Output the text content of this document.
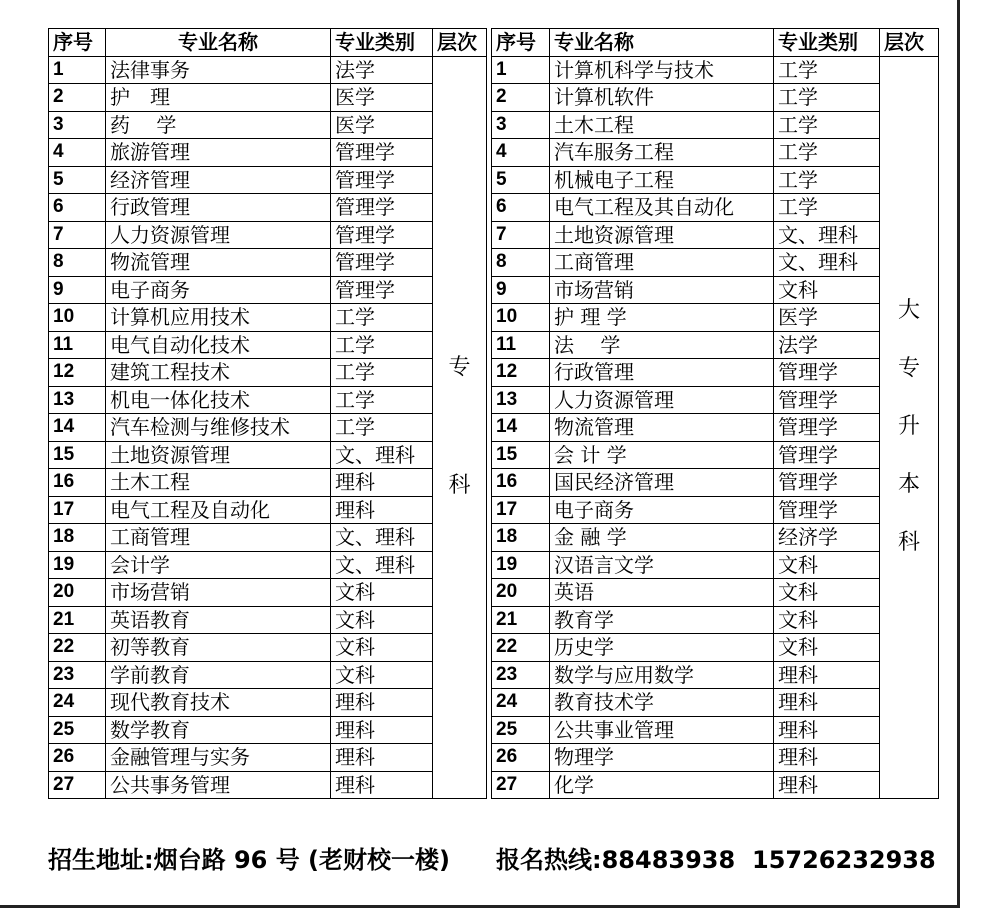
序号	专业名称	专业类别	层次
1	法律事务	法学	专
科

2	护　理	医学	
3	药　 学	医学	
4	旅游管理	管理学	
5	经济管理	管理学	
6	行政管理	管理学	
7	人力资源管理	管理学	
8	物流管理	管理学	
9	电子商务	管理学	
10	计算机应用技术	工学	
11	电气自动化技术	工学	
12	建筑工程技术	工学	
13	机电一体化技术	工学	
14	汽车检测与维修技术	工学	
15	土地资源管理	文、理科	
16	土木工程	理科	
17	电气工程及自动化	理科	
18	工商管理	文、理科	
19	会计学	文、理科	
20	市场营销	文科	
21	英语教育	文科	
22	初等教育	文科	
23	学前教育	文科	
24	现代教育技术	理科	
25	数学教育	理科	
26	金融管理与实务	理科	
27	公共事务管理	理科	
序号	专业名称	专业类别	层次
1	计算机科学与技术	工学	大
专
升
本
科

2	计算机软件	工学	
3	土木工程	工学	
4	汽车服务工程	工学	
5	机械电子工程	工学	
6	电气工程及其自动化	工学	
7	土地资源管理	文、理科	
8	工商管理	文、理科	
9	市场营销	文科	
10	护 理 学	医学	
11	法　 学	法学	
12	行政管理	管理学	
13	人力资源管理	管理学	
14	物流管理	管理学	
15	会 计 学	管理学	
16	国民经济管理	管理学	
17	电子商务	管理学	
18	金 融 学	经济学	
19	汉语言文学	文科	
20	英语	文科	
21	教育学	文科	
22	历史学	文科	
23	数学与应用数学	理科	
24	教育技术学	理科	
25	公共事业管理	理科	
26	物理学	理科	
27	化学	理科	
招生地址:烟台路 96 号 (老财校一楼) 报名热线:88483938 15726232938
